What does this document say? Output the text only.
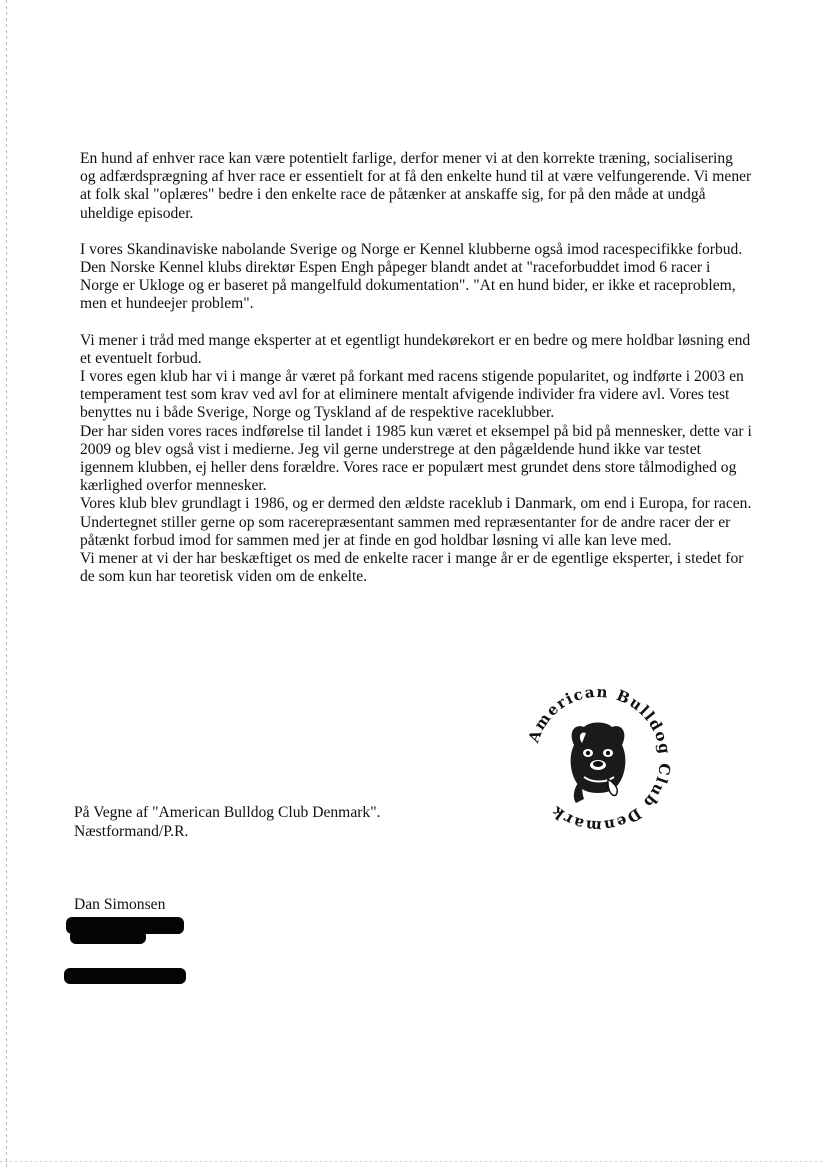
En hund af enhver race kan være potentielt farlige, derfor mener vi at den korrekte træning, socialisering og adfærdsprægning af hver race er essentielt for at få den enkelte hund til at være velfungerende. Vi mener at folk skal "oplæres" bedre i den enkelte race de påtænker at anskaffe sig, for på den måde at undgå uheldige episoder.

I vores Skandinaviske nabolande Sverige og Norge er Kennel klubberne også imod racespecifikke forbud. Den Norske Kennel klubs direktør Espen Engh påpeger blandt andet at "raceforbuddet imod 6 racer i Norge er Ukloge og er baseret på mangelfuld dokumentation". "At en hund bider, er ikke et raceproblem, men et hundeejer problem".

Vi mener i tråd med mange eksperter at et egentligt hundekørekort er en bedre og mere holdbar løsning end et eventuelt forbud.

I vores egen klub har vi i mange år været på forkant med racens stigende popularitet, og indførte i 2003 en temperament test som krav ved avl for at eliminere mentalt afvigende individer fra videre avl. Vores test benyttes nu i både Sverige, Norge og Tyskland af de respektive raceklubber.

Der har siden vores races indførelse til landet i 1985 kun været et eksempel på bid på mennesker, dette var i 2009 og blev også vist i medierne. Jeg vil gerne understrege at den pågældende hund ikke var testet igennem klubben, ej heller dens forældre. Vores race er populært mest grundet dens store tålmodighed og kærlighed overfor mennesker.

Vores klub blev grundlagt i 1986, og er dermed den ældste raceklub i Danmark, om end i Europa, for racen.

Undertegnet stiller gerne op som racerepræsentant sammen med repræsentanter for de andre racer der er påtænkt forbud imod for sammen med jer at finde en god holdbar løsning vi alle kan leve med.

Vi mener at vi der har beskæftiget os med de enkelte racer i mange år er de egentlige eksperter, i stedet for de som kun har teoretisk viden om de enkelte.

American Bulldog Club Denmark
På Vegne af "American Bulldog Club Denmark".
Næstformand/P.R.
Dan Simonsen
